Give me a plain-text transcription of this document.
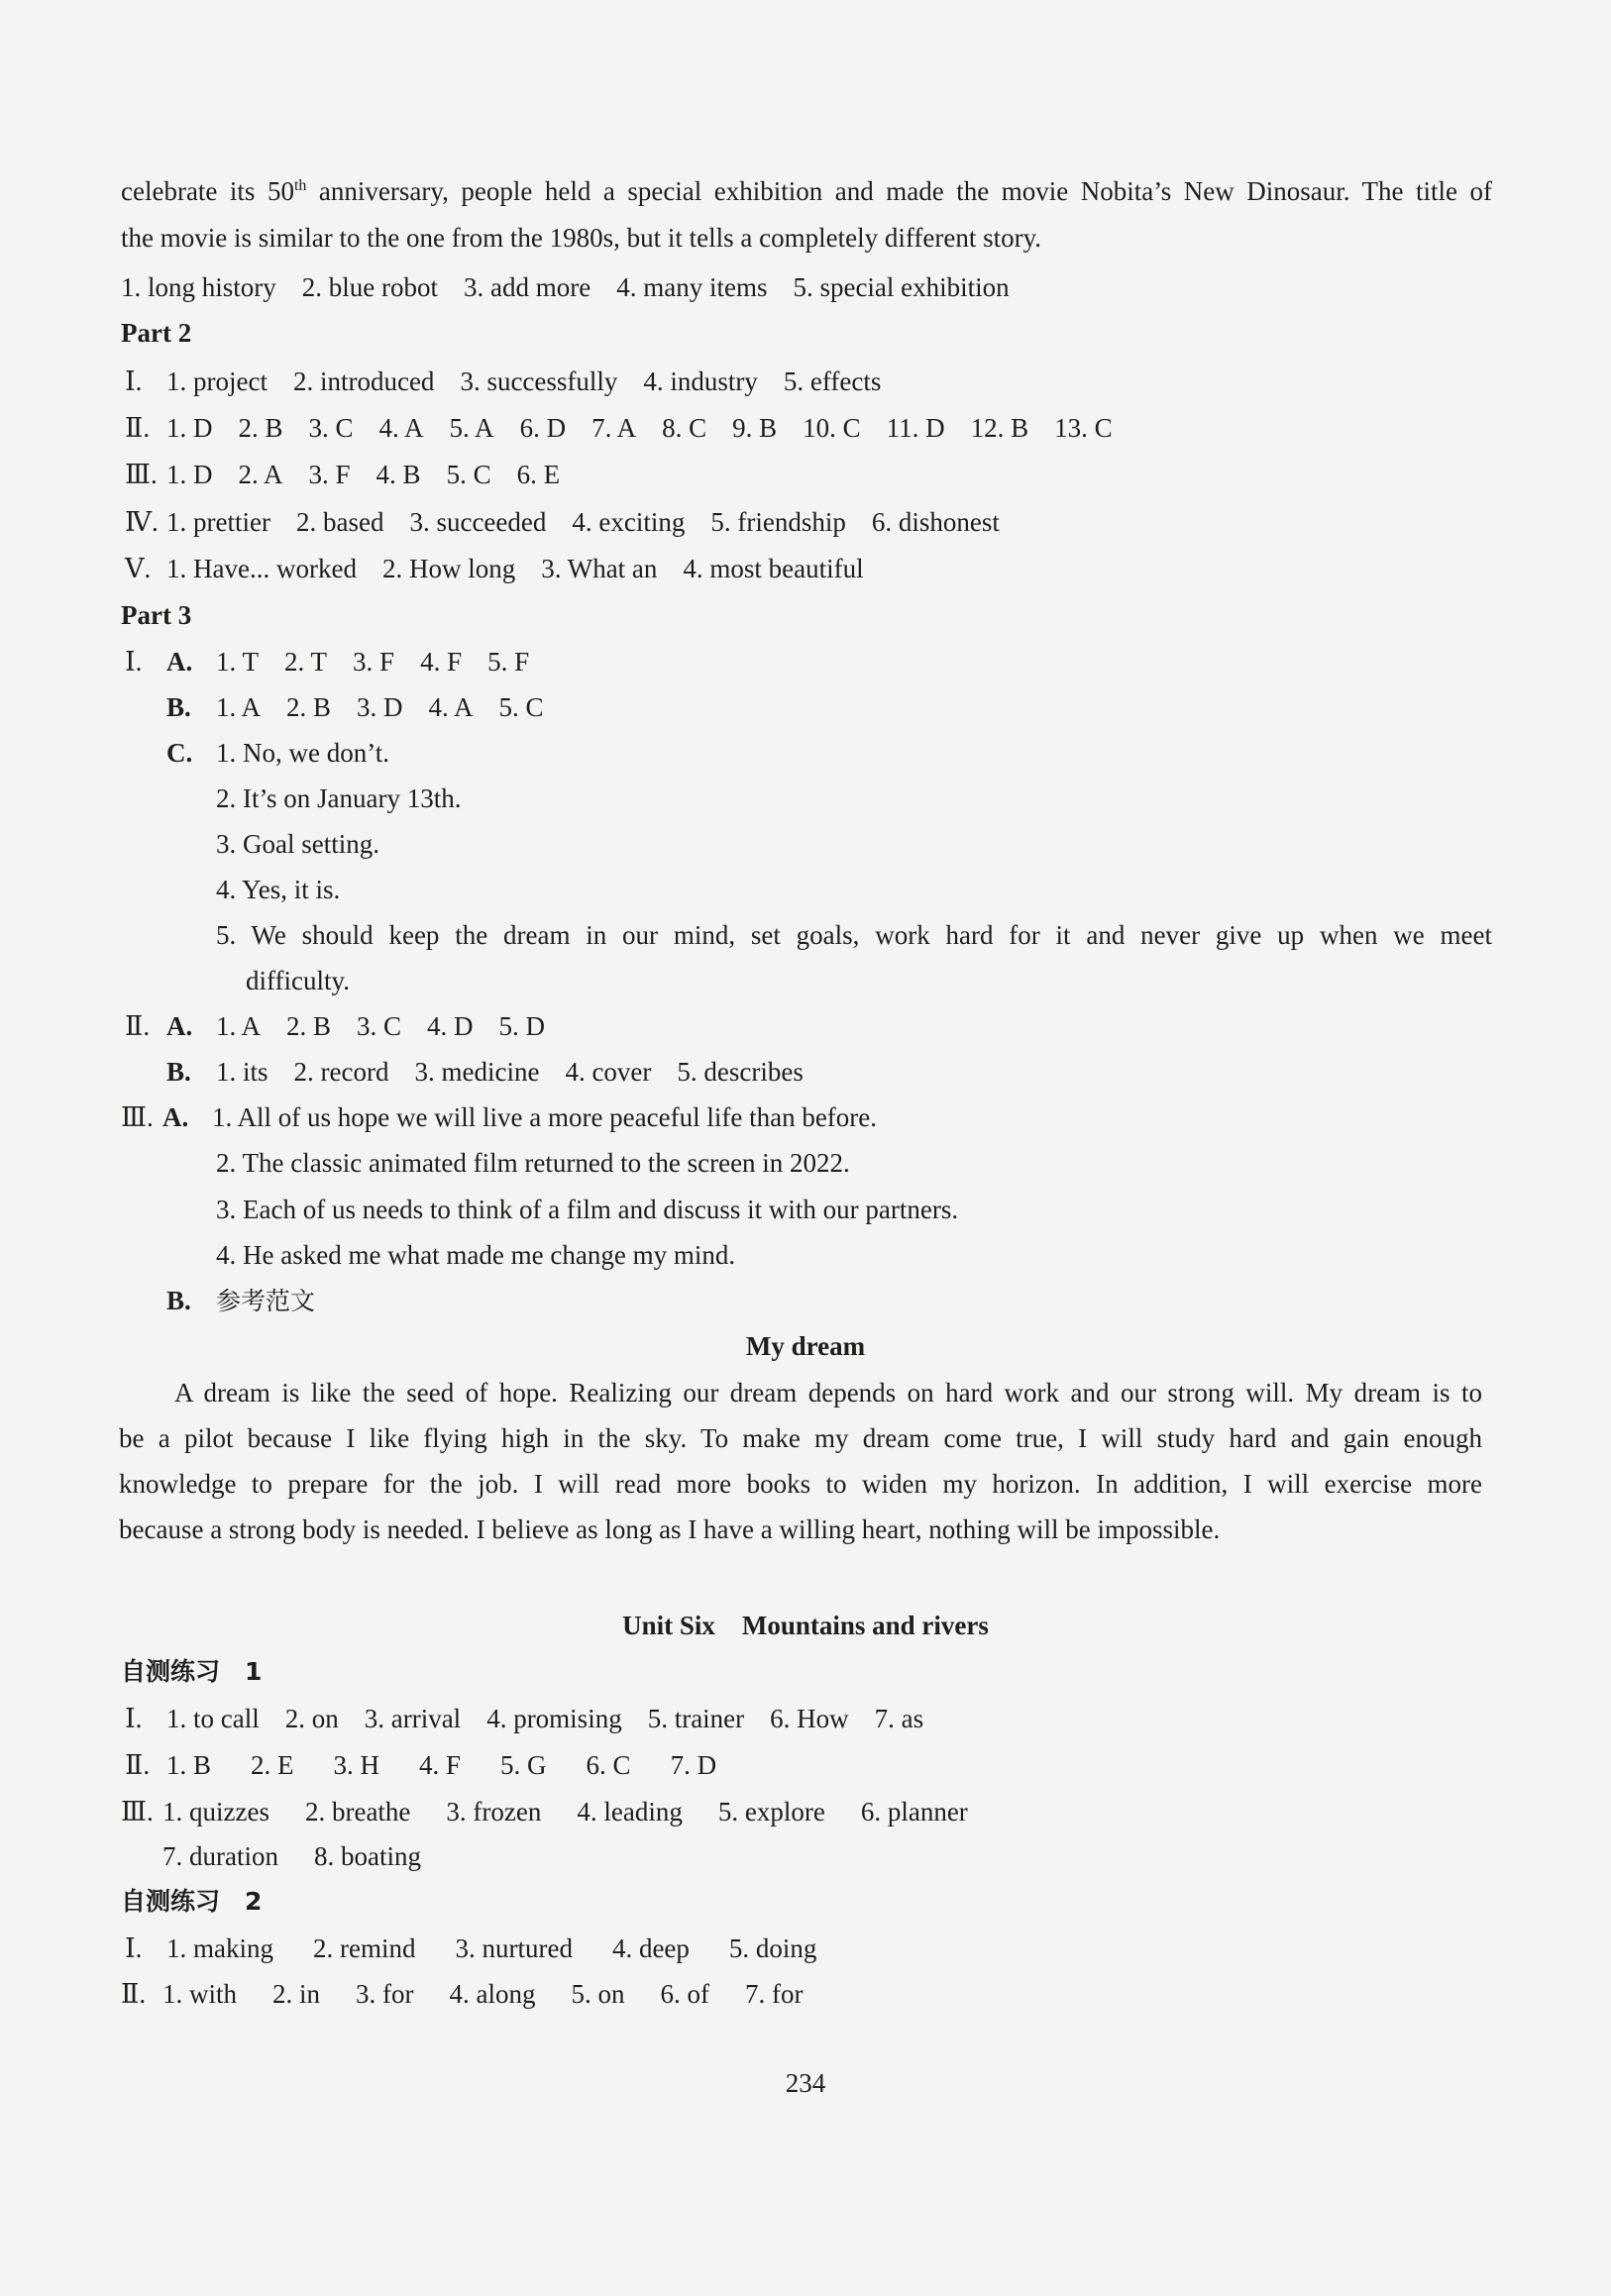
celebrate its 50th anniversary, people held a special exhibition and made the movie Nobita’s New Dinosaur. The title of
the movie is similar to the one from the 1980s, but it tells a completely different story.
1. long history 2. blue robot 3. add more 4. many items 5. special exhibition
Part 2
Ⅰ. 1. project 2. introduced 3. successfully 4. industry 5. effects
Ⅱ. 1. D 2. B 3. C 4. A 5. A 6. D 7. A 8. C 9. B 10. C 11. D 12. B 13. C
Ⅲ. 1. D 2. A 3. F 4. B 5. C 6. E
Ⅳ. 1. prettier 2. based 3. succeeded 4. exciting 5. friendship 6. dishonest
Ⅴ. 1. Have... worked 2. How long 3. What an 4. most beautiful
Part 3
Ⅰ. A. 1. T 2. T 3. F 4. F 5. F
B. 1. A 2. B 3. D 4. A 5. C
C. 1. No, we don’t.
2. It’s on January 13th.
3. Goal setting.
4. Yes, it is.
5. We should keep the dream in our mind, set goals, work hard for it and never give up when we meet
difficulty.
Ⅱ. A. 1. A 2. B 3. C 4. D 5. D
B. 1. its 2. record 3. medicine 4. cover 5. describes
Ⅲ. A. 1. All of us hope we will live a more peaceful life than before.
2. The classic animated film returned to the screen in 2022.
3. Each of us needs to think of a film and discuss it with our partners.
4. He asked me what made me change my mind.
B. 参考范文
My dream
A dream is like the seed of hope. Realizing our dream depends on hard work and our strong will. My dream is to
be a pilot because I like flying high in the sky. To make my dream come true, I will study hard and gain enough
knowledge to prepare for the job. I will read more books to widen my horizon. In addition, I will exercise more
because a strong body is needed. I believe as long as I have a willing heart, nothing will be impossible.
Unit Six    Mountains and rivers
自测练习　1
Ⅰ. 1. to call 2. on 3. arrival 4. promising 5. trainer 6. How 7. as
Ⅱ. 1. B 2. E 3. H 4. F 5. G 6. C 7. D
Ⅲ. 1. quizzes 2. breathe 3. frozen 4. leading 5. explore 6. planner
7. duration 8. boating
自测练习　2
Ⅰ. 1. making 2. remind 3. nurtured 4. deep 5. doing
Ⅱ. 1. with 2. in 3. for 4. along 5. on 6. of 7. for
234
